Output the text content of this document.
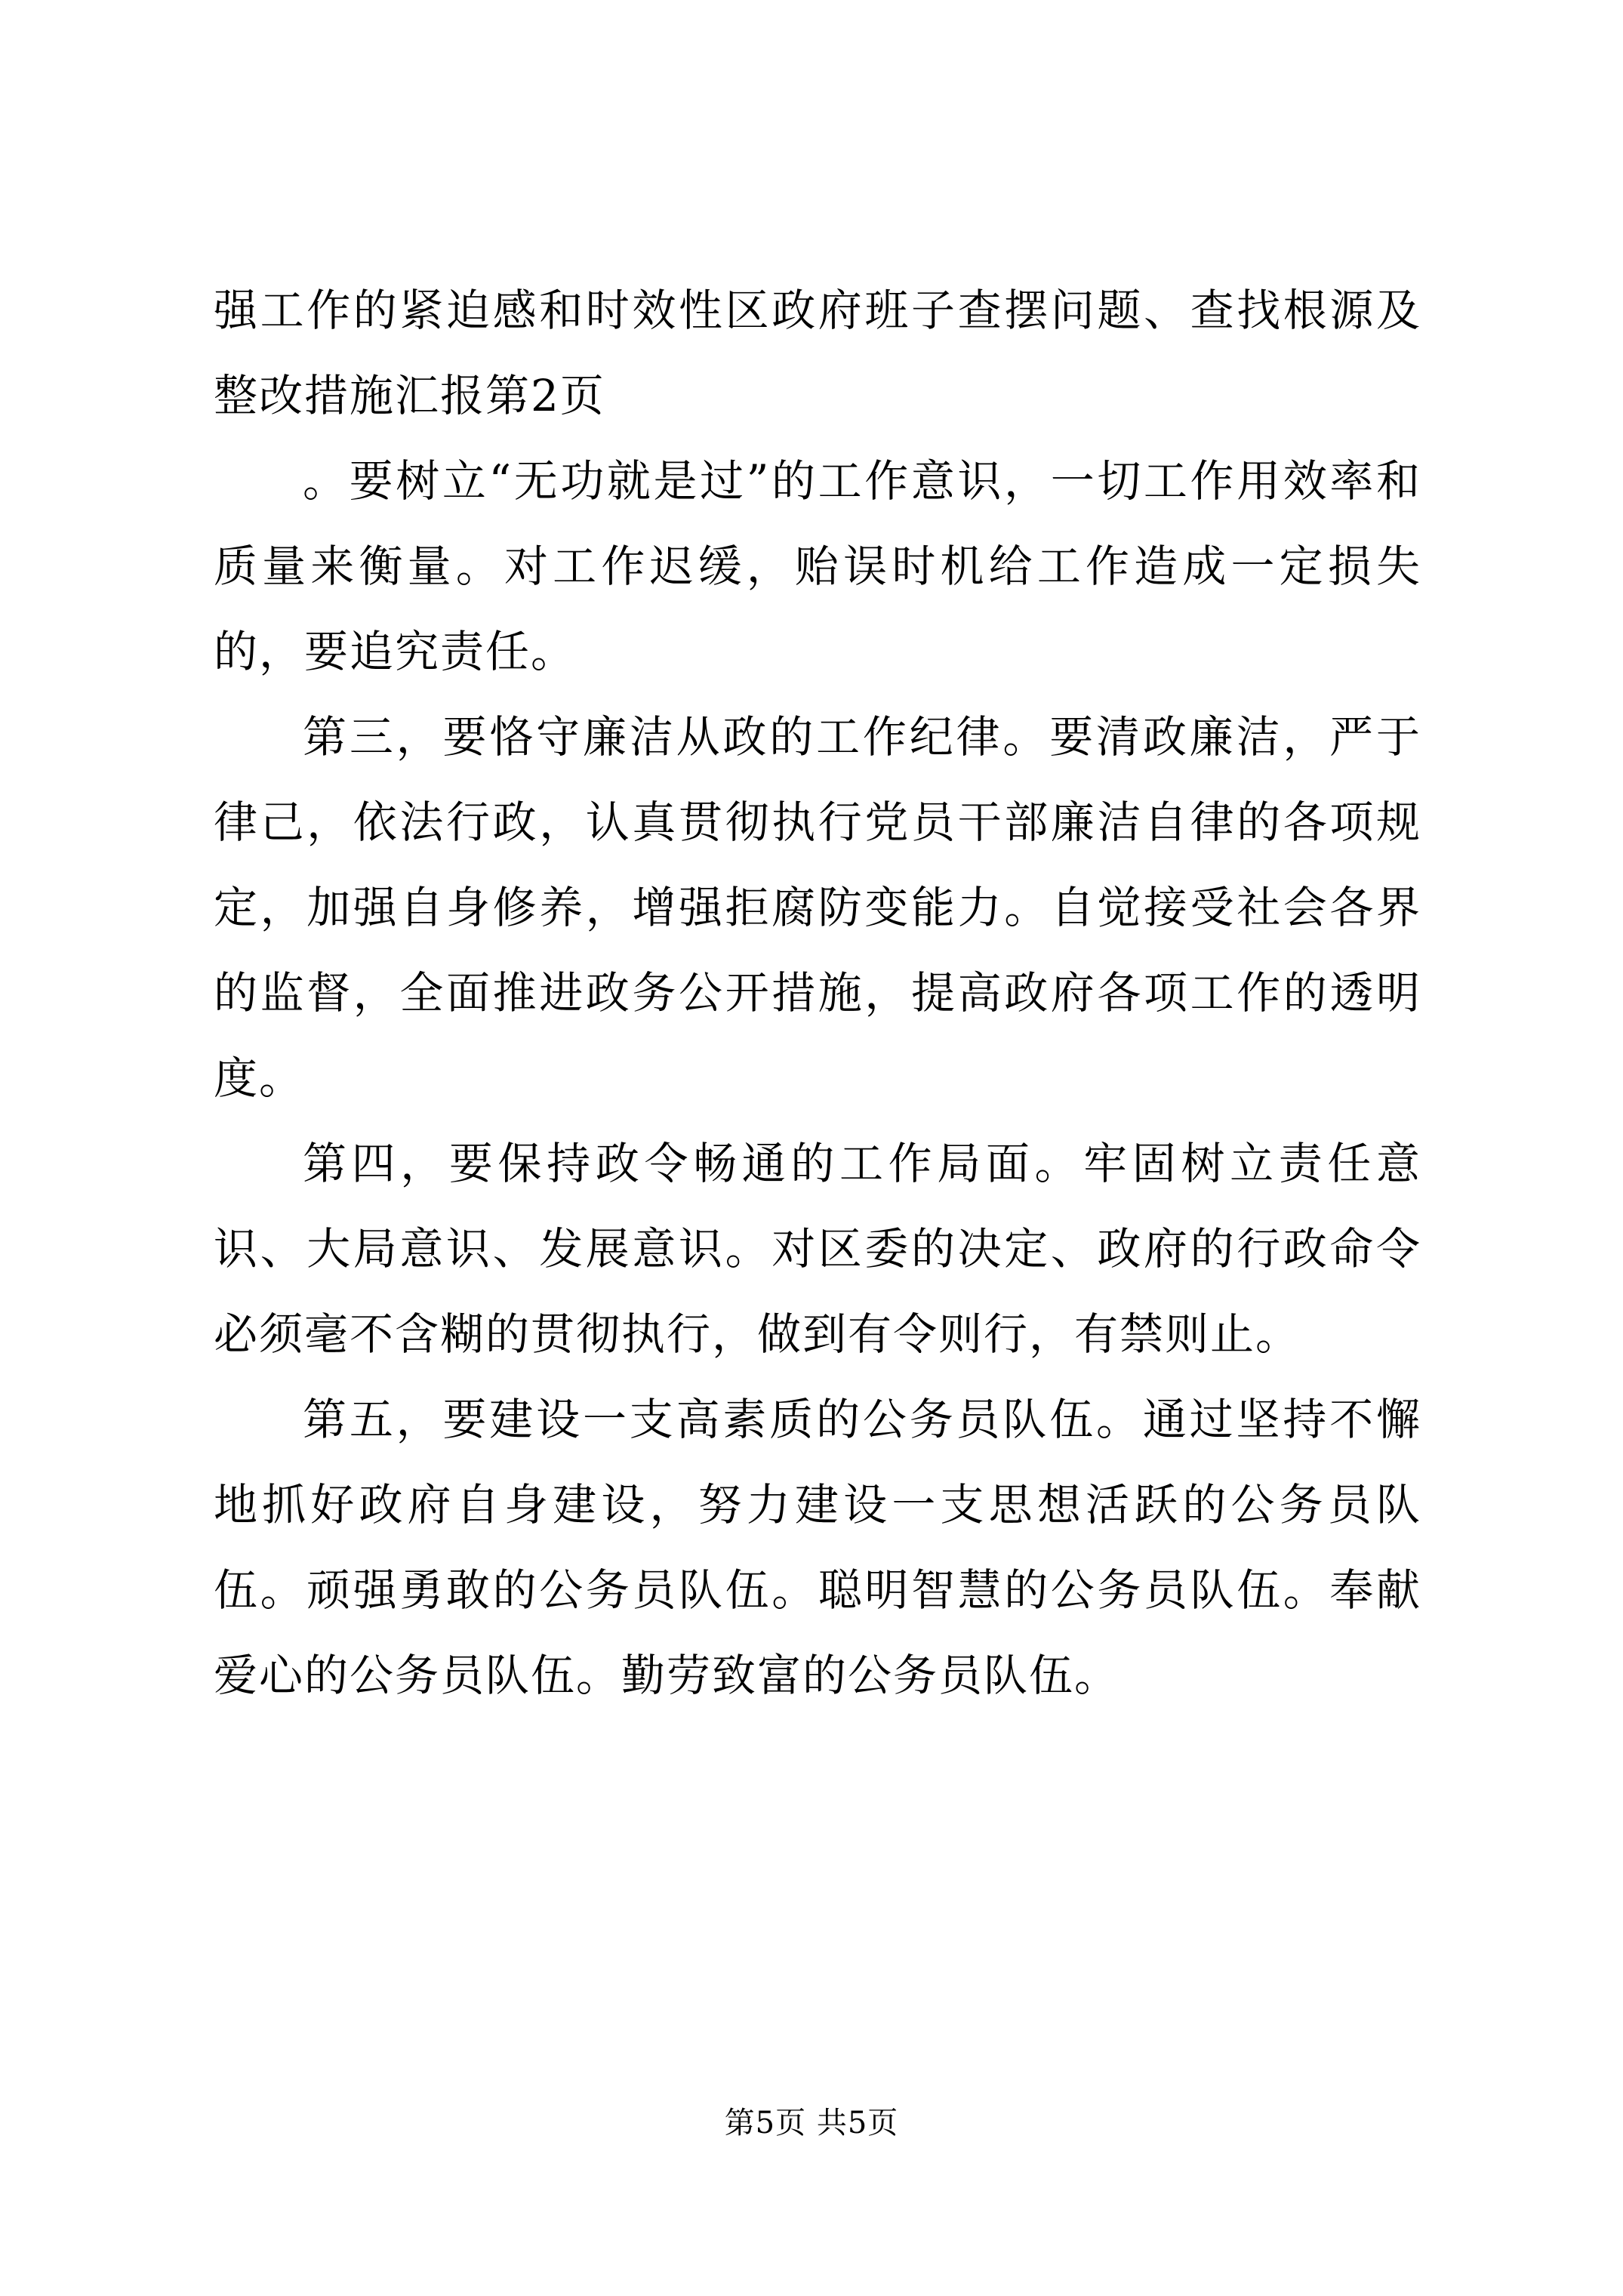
强工作的紧迫感和时效性区政府班子查摆问题、查找根源及整改措施汇报第2页

。要树立“无功就是过”的工作意识，一切工作用效率和质量来衡量。对工作迟缓，贻误时机给工作造成一定损失的，要追究责任。

第三，要恪守廉洁从政的工作纪律。要清政廉洁，严于律己，依法行政，认真贯彻执行党员干部廉洁自律的各项规定，加强自身修养，增强拒腐防变能力。自觉接受社会各界的监督，全面推进政务公开措施，提高政府各项工作的透明度。

第四，要保持政令畅通的工作局面。牢固树立责任意识、大局意识、发展意识。对区委的决定、政府的行政命令必须毫不含糊的贯彻执行，做到有令则行，有禁则止。

第五，要建设一支高素质的公务员队伍。通过坚持不懈地抓好政府自身建设，努力建设一支思想活跃的公务员队伍。顽强勇敢的公务员队伍。聪明智慧的公务员队伍。奉献爱心的公务员队伍。勤劳致富的公务员队伍。

第5页 共5页
